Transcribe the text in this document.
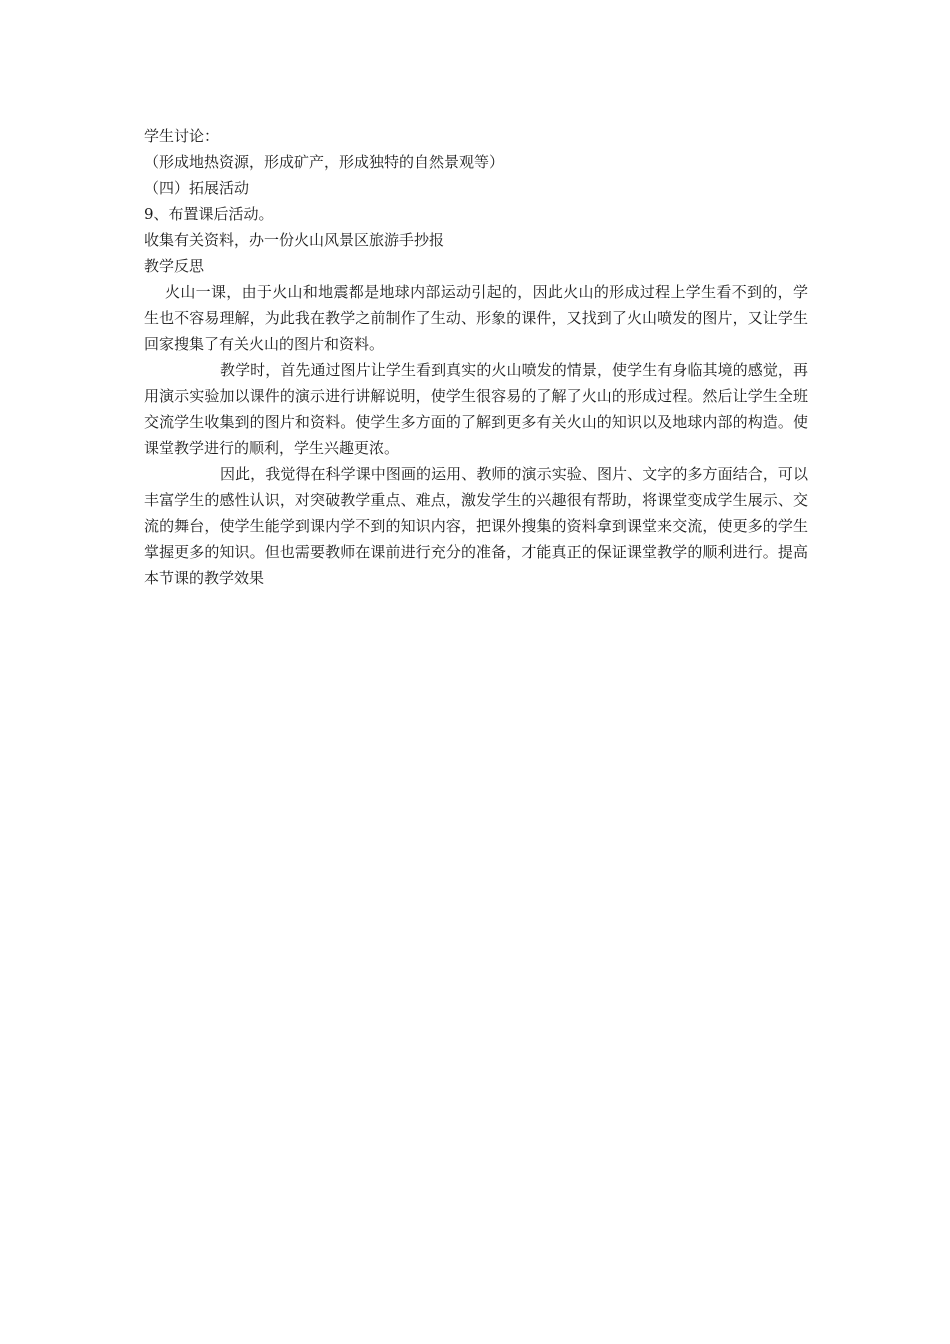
学生讨论：

（形成地热资源，形成矿产，形成独特的自然景观等）

（四）拓展活动

9、布置课后活动。

收集有关资料，办一份火山风景区旅游手抄报

教学反思

火山一课，由于火山和地震都是地球内部运动引起的，因此火山的形成过程上学生看不到的，学生也不容易理解，为此我在教学之前制作了生动、形象的课件，又找到了火山喷发的图片，又让学生回家搜集了有关火山的图片和资料。

教学时，首先通过图片让学生看到真实的火山喷发的情景，使学生有身临其境的感觉，再用演示实验加以课件的演示进行讲解说明，使学生很容易的了解了火山的形成过程。然后让学生全班交流学生收集到的图片和资料。使学生多方面的了解到更多有关火山的知识以及地球内部的构造。使课堂教学进行的顺利，学生兴趣更浓。

因此，我觉得在科学课中图画的运用、教师的演示实验、图片、文字的多方面结合，可以丰富学生的感性认识，对突破教学重点、难点，激发学生的兴趣很有帮助，将课堂变成学生展示、交流的舞台，使学生能学到课内学不到的知识内容，把课外搜集的资料拿到课堂来交流，使更多的学生掌握更多的知识。但也需要教师在课前进行充分的准备，才能真正的保证课堂教学的顺利进行。提高本节课的教学效果
